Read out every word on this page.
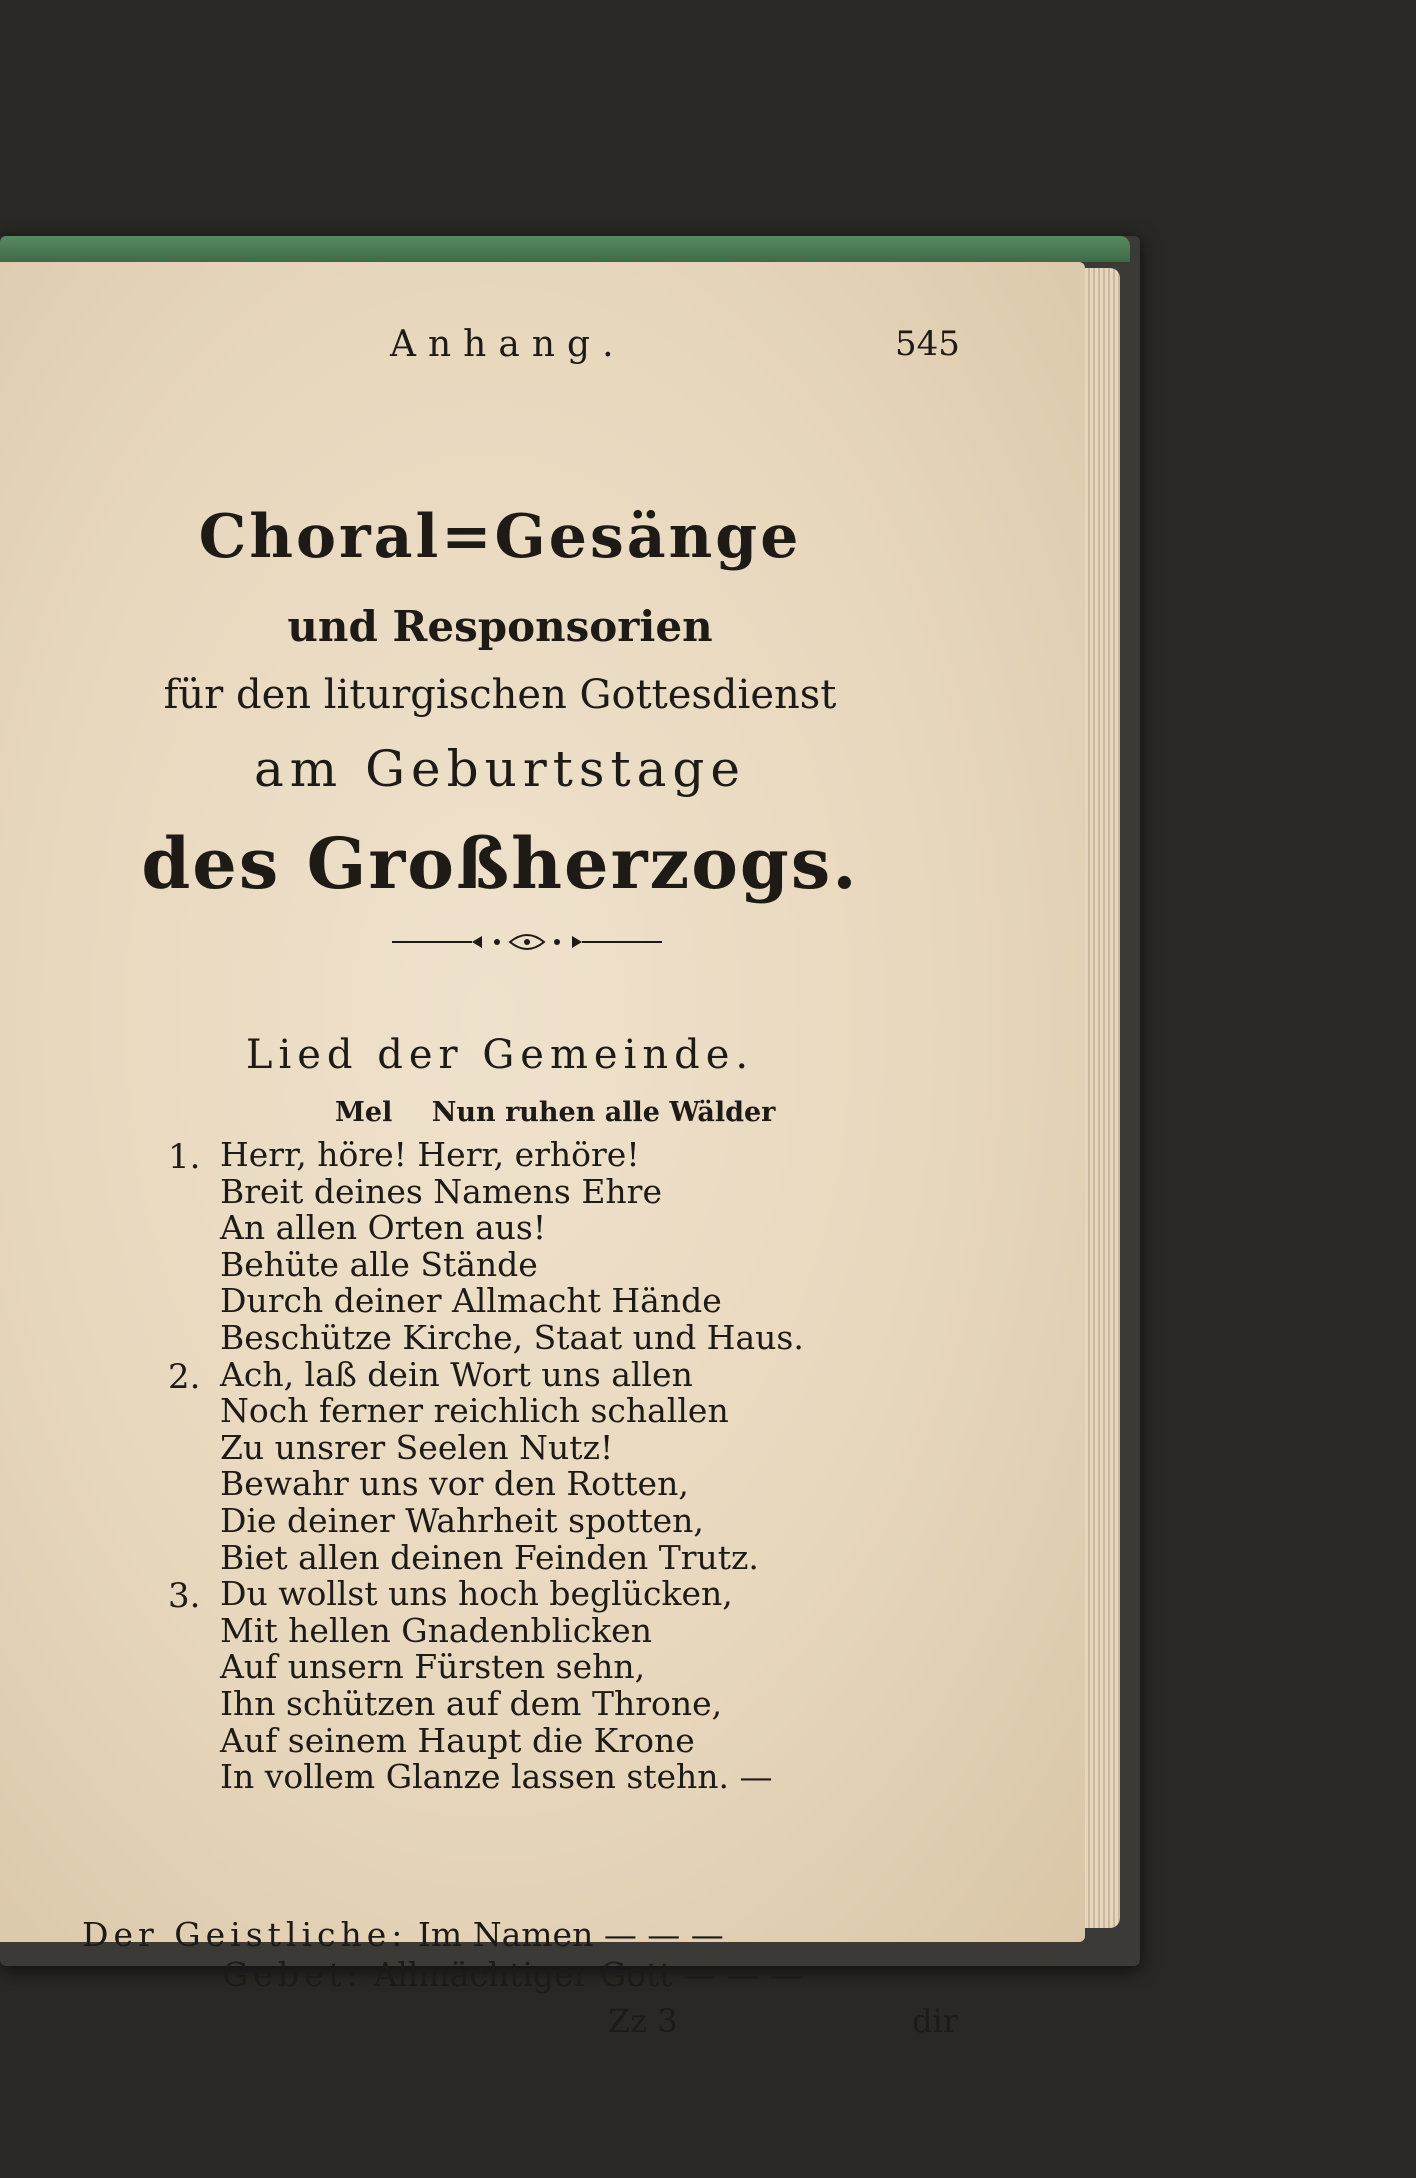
Anhang.	545
Choral=Gesänge
und Responsorien
für den liturgischen Gottesdienst
am Geburtstage
des Großherzogs.
Lied der Gemeinde.
Mel Nun ruhen alle Wälder
1. Herr, höre! Herr, erhöre!
Breit deines Namens Ehre
An allen Orten aus!
Behüte alle Stände
Durch deiner Allmacht Hände
Beschütze Kirche, Staat und Haus.
2. Ach, laß dein Wort uns allen
Noch ferner reichlich schallen
Zu unsrer Seelen Nutz!
Bewahr uns vor den Rotten,
Die deiner Wahrheit spotten,
Biet allen deinen Feinden Trutz.
3. Du wollst uns hoch beglücken,
Mit hellen Gnadenblicken
Auf unsern Fürsten sehn,
Ihn schützen auf dem Throne,
Auf seinem Haupt die Krone
In vollem Glanze lassen stehn. —
Der Geistliche: Im Namen — — —
Gebet: Allmächtiger Gott — — —
Zz 3	dir
